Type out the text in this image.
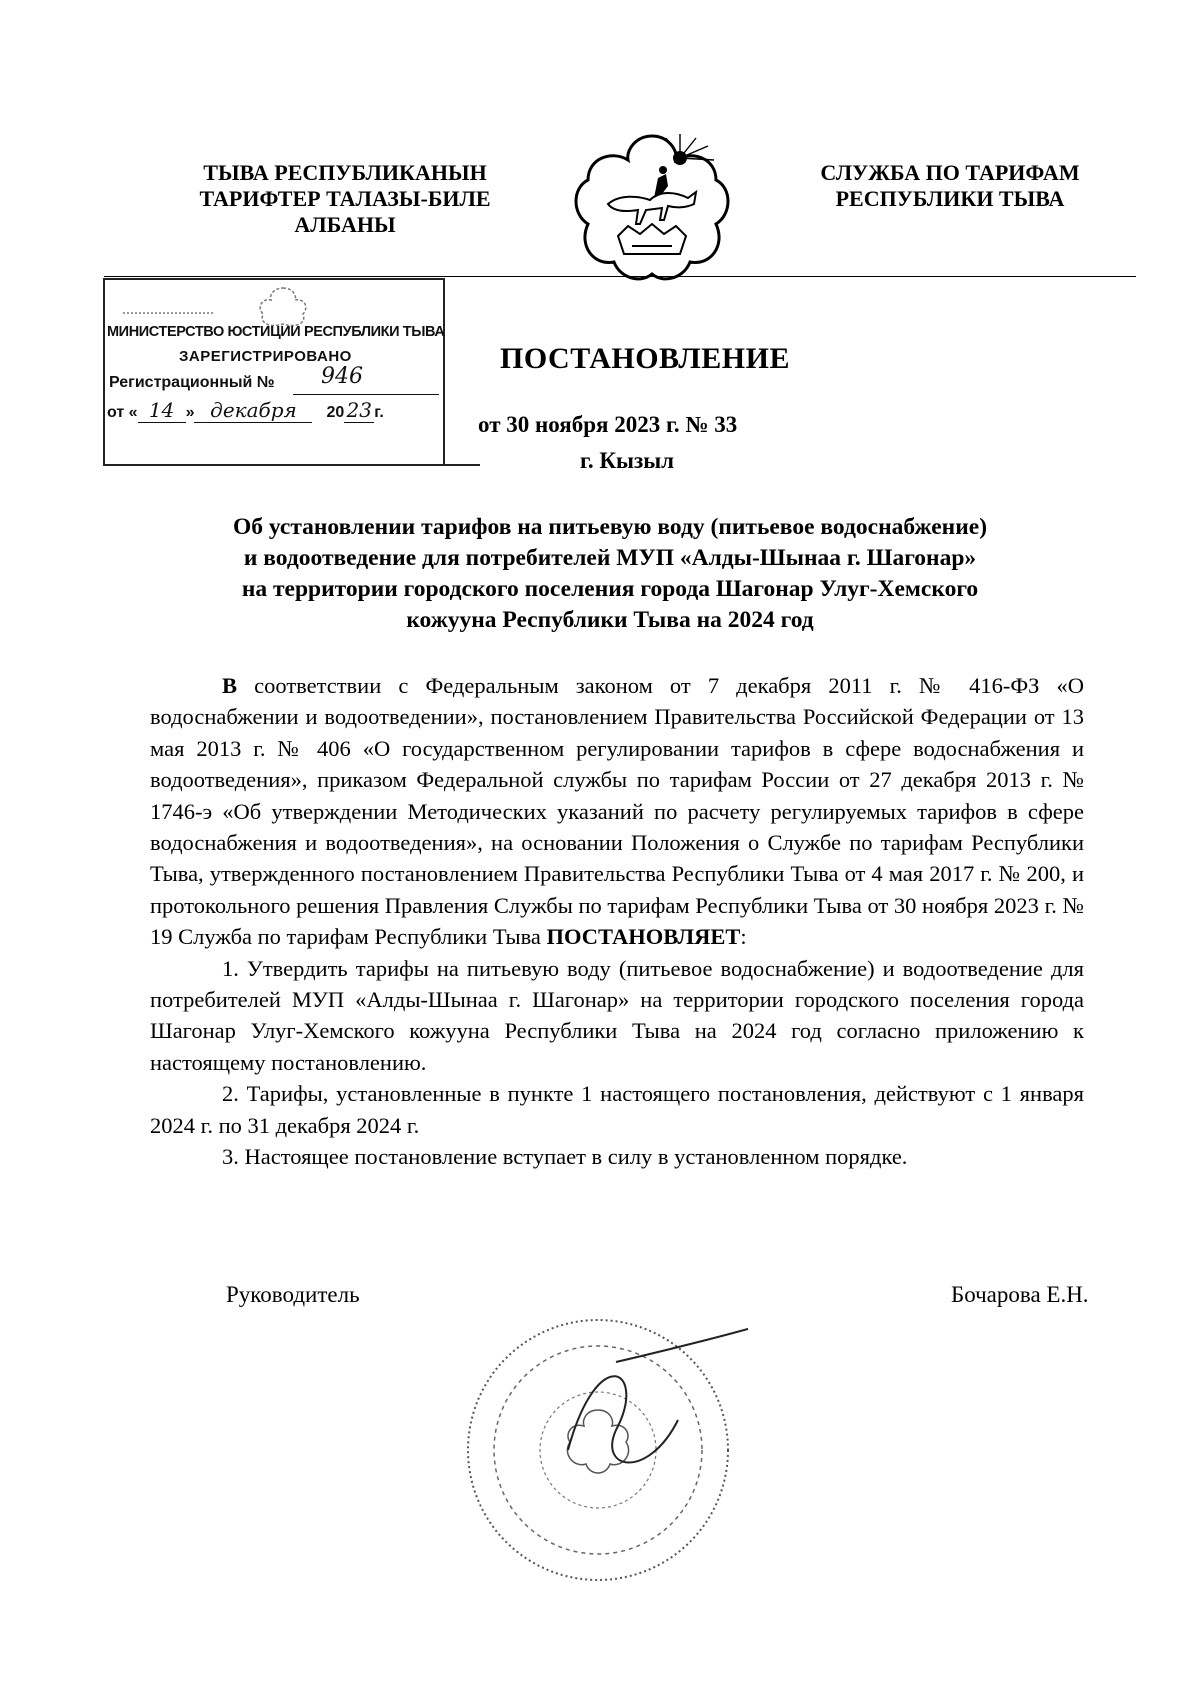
ТЫВА РЕСПУБЛИКАНЫН
ТАРИФТЕР ТАЛАЗЫ-БИЛЕ
АЛБАНЫ
СЛУЖБА ПО ТАРИФАМ
РЕСПУБЛИКИ ТЫВА
МИНИСТЕРСТВО ЮСТИЦИИ РЕСПУБЛИКИ ТЫВА
ЗАРЕГИСТРИРОВАНО
Регистрационный № 946
от « 14 » декабря 20 23 г.
ПОСТАНОВЛЕНИЕ
от 30 ноября 2023 г. № 33
г. Кызыл
Об установлении тарифов на питьевую воду (питьевое водоснабжение)
и водоотведение для потребителей МУП «Алды-Шынаа г. Шагонар»
на территории городского поселения города Шагонар Улуг-Хемского
кожууна Республики Тыва на 2024 год

В соответствии с Федеральным законом от 7 декабря 2011 г. № 416-ФЗ «О водоснабжении и водоотведении», постановлением Правительства Российской Федерации от 13 мая 2013 г. № 406 «О государственном регулировании тарифов в сфере водоснабжения и водоотведения», приказом Федеральной службы по тарифам России от 27 декабря 2013 г. № 1746-э «Об утверждении Методических указаний по расчету регулируемых тарифов в сфере водоснабжения и водоотведения», на основании Положения о Службе по тарифам Республики Тыва, утвержденного постановлением Правительства Республики Тыва от 4 мая 2017 г. № 200, и протокольного решения Правления Службы по тарифам Республики Тыва от 30 ноября 2023 г. № 19 Служба по тарифам Республики Тыва ПОСТАНОВЛЯЕТ:

1. Утвердить тарифы на питьевую воду (питьевое водоснабжение) и водоотведение для потребителей МУП «Алды-Шынаа г. Шагонар» на территории городского поселения города Шагонар Улуг-Хемского кожууна Республики Тыва на 2024 год согласно приложению к настоящему постановлению.

2. Тарифы, установленные в пункте 1 настоящего постановления, действуют с 1 января 2024 г. по 31 декабря 2024 г.

3. Настоящее постановление вступает в силу в установленном порядке.

Руководитель	Бочарова Е.Н.
